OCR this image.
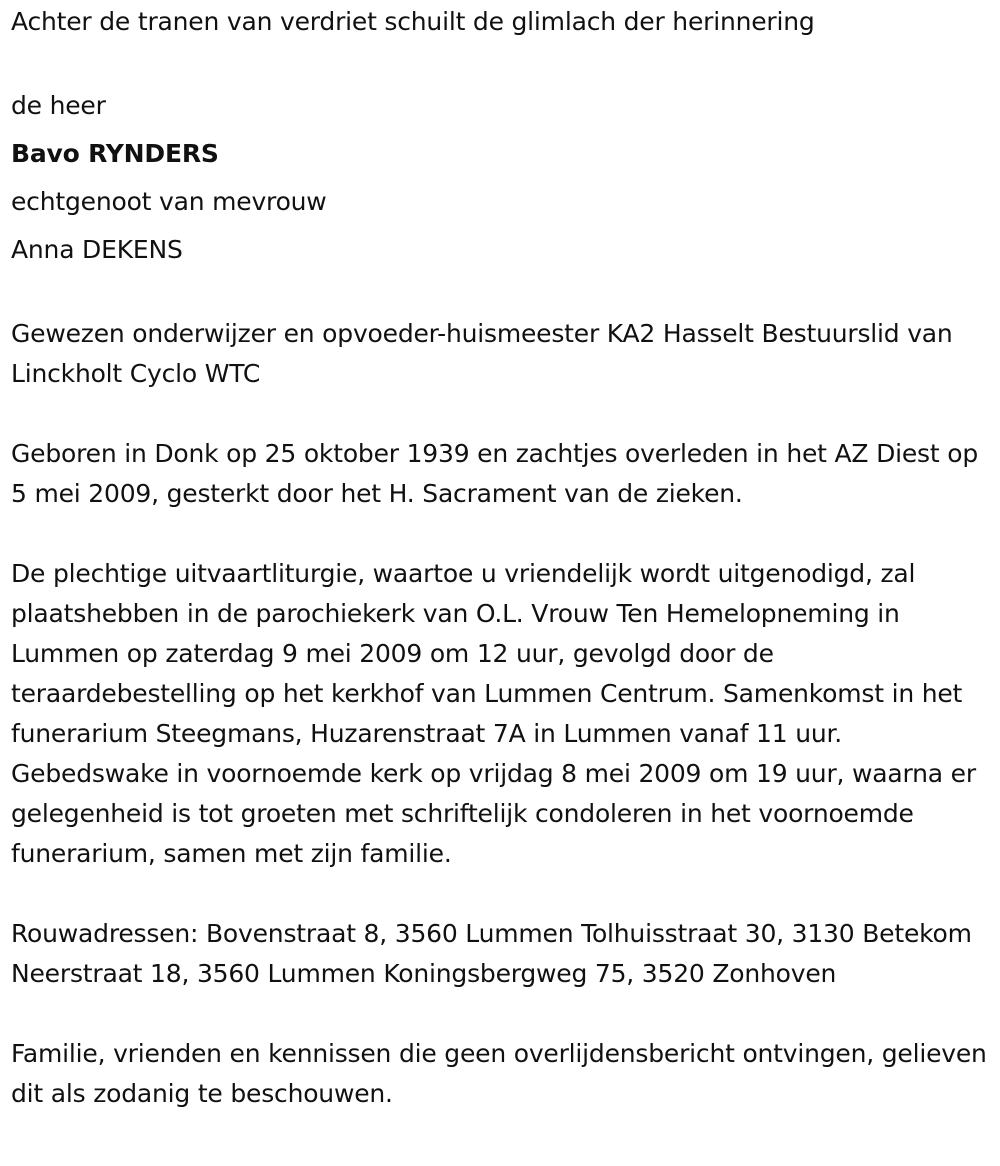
Achter de tranen van verdriet schuilt de glimlach der herinnering

de heer

Bavo RYNDERS

echtgenoot van mevrouw

Anna DEKENS

Gewezen onderwijzer en opvoeder-huismeester KA2 Hasselt Bestuurslid van Linckholt Cyclo WTC

Geboren in Donk op 25 oktober 1939 en zachtjes overleden in het AZ Diest op 5 mei 2009, gesterkt door het H. Sacrament van de zieken.

De plechtige uitvaartliturgie, waartoe u vriendelijk wordt uitgenodigd, zal plaatshebben in de parochiekerk van O.L. Vrouw Ten Hemelopneming in Lummen op zaterdag 9 mei 2009 om 12 uur, gevolgd door de teraardebestelling op het kerkhof van Lummen Centrum. Samenkomst in het funerarium Steegmans, Huzarenstraat 7A in Lummen vanaf 11 uur. Gebedswake in voornoemde kerk op vrijdag 8 mei 2009 om 19 uur, waarna er gelegenheid is tot groeten met schriftelijk condoleren in het voornoemde funerarium, samen met zijn familie.

Rouwadressen: Bovenstraat 8, 3560 Lummen Tolhuisstraat 30, 3130 Betekom Neerstraat 18, 3560 Lummen Koningsbergweg 75, 3520 Zonhoven

Familie, vrienden en kennissen die geen overlijdensbericht ontvingen, gelieven dit als zodanig te beschouwen.
